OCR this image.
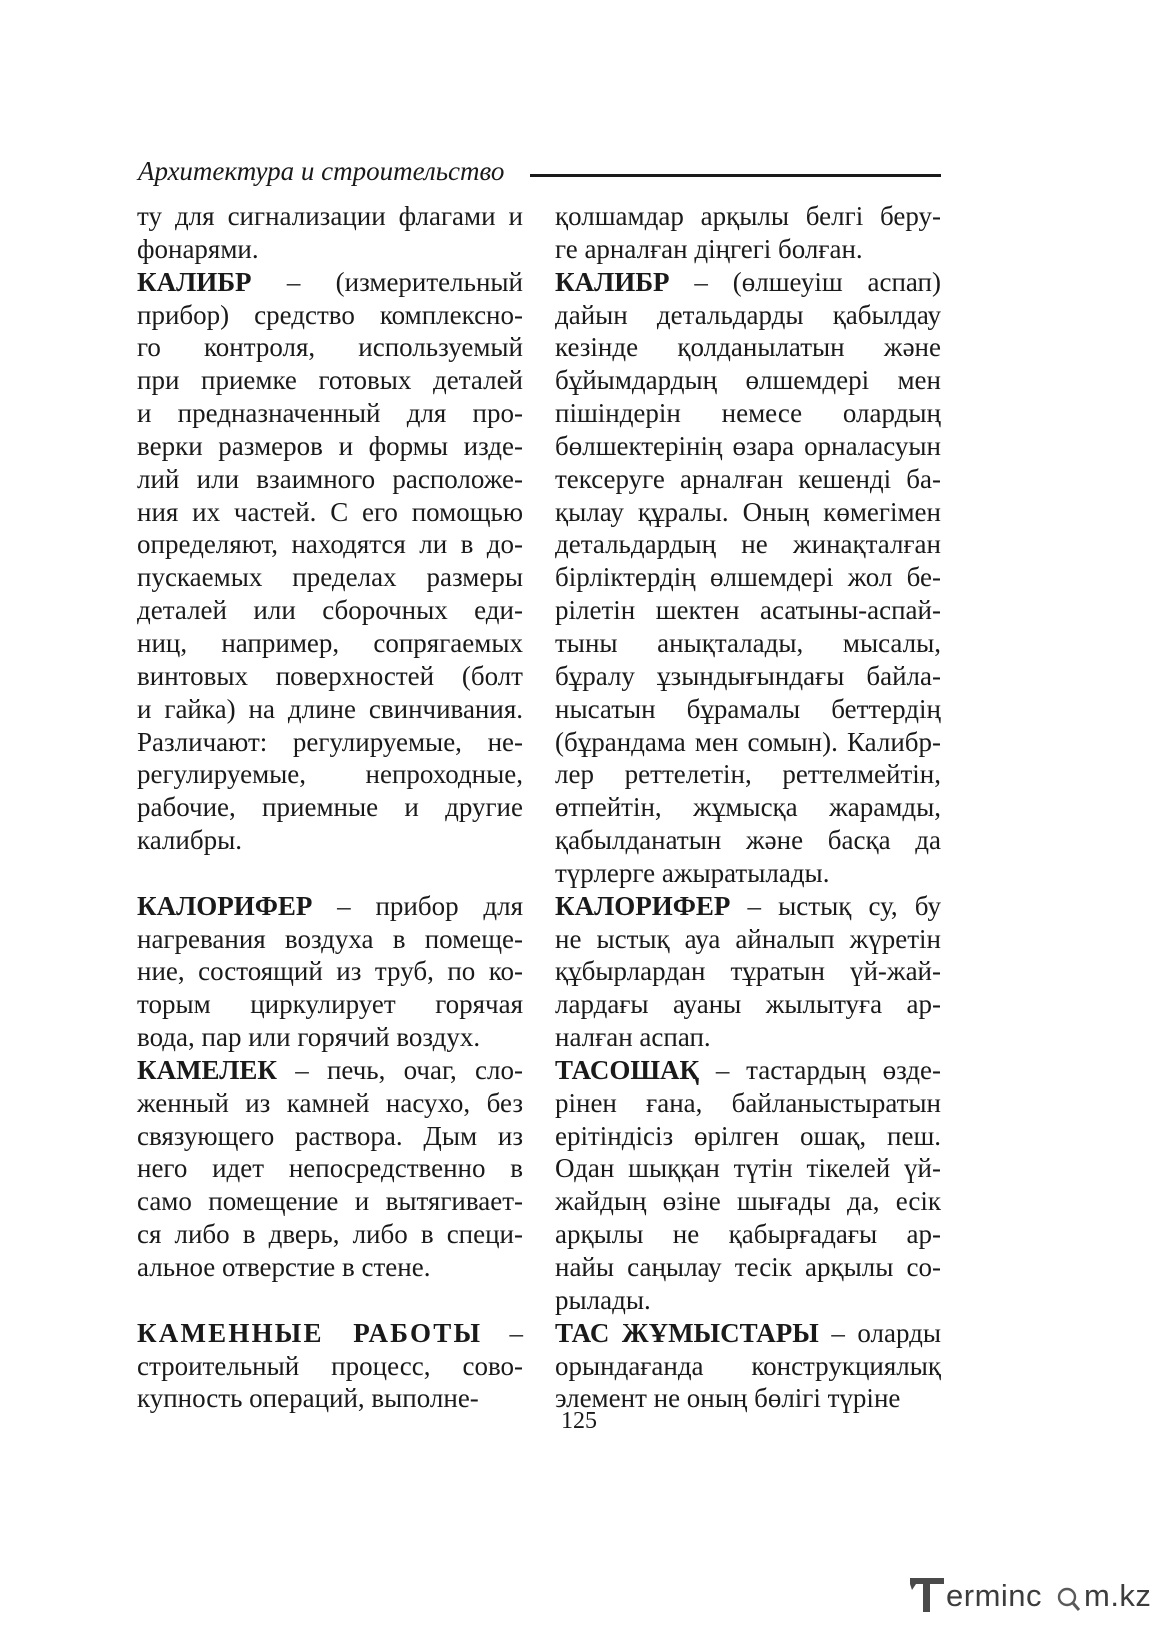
Архитектура и строительство
ту для сигнализации флагами и
фонарями.
КАЛИБР – (измерительный
прибор) средство комплексно-
го контроля, используемый
при приемке готовых деталей
и предназначенный для про-
верки размеров и формы изде-
лий или взаимного расположе-
ния их частей. С его помощью
определяют, находятся ли в до-
пускаемых пределах размеры
деталей или сборочных еди-
ниц, например, сопрягаемых
винтовых поверхностей (болт
и гайка) на длине свинчивания.
Различают: регулируемые, не-
регулируемые, непроходные,
рабочие, приемные и другие
калибры.
КАЛОРИФЕР – прибор для
нагревания воздуха в помеще-
ние, состоящий из труб, по ко-
торым циркулирует горячая
вода, пар или горячий воздух.
КАМЕЛЕК – печь, очаг, сло-
женный из камней насухо, без
связующего раствора. Дым из
него идет непосредственно в
само помещение и вытягивает-
ся либо в дверь, либо в специ-
альное отверстие в стене.
КАМЕННЫЕ РАБОТЫ –
строительный процесс, сово-
купность операций, выполне-
қолшамдар арқылы белгі беру-
ге арналған діңгегі болған.
КАЛИБР – (өлшеуіш аспап)
дайын детальдарды қабылдау
кезінде қолданылатын және
бұйымдардың өлшемдері мен
пішіндерін немесе олардың
бөлшектерінің өзара орналасуын
тексеруге арналған кешенді ба-
қылау құралы. Оның көмегімен
детальдардың не жинақталған
бірліктердің өлшемдері жол бе-
рілетін шектен асатыны-аспай-
тыны анықталады, мысалы,
бұралу ұзындығындағы байла-
нысатын бұрамалы беттердің
(бұрандама мен сомын). Калибр-
лер реттелетін, реттелмейтін,
өтпейтін, жұмысқа жарамды,
қабылданатын және басқа да
түрлерге ажыратылады.
КАЛОРИФЕР – ыстық су, бу
не ыстық ауа айналып жүретін
құбырлардан тұратын үй-жай-
лардағы ауаны жылытуға ар-
налған аспап.
ТАСОШАҚ – тастардың өзде-
рінен ғана, байланыстыратын
ерітіндісіз өрілген ошақ, пеш.
Одан шыққан түтін тікелей үй-
жайдың өзіне шығады да, есік
арқылы не қабырғадағы ар-
найы саңылау тесік арқылы со-
рылады.
ТАС ЖҰМЫСТАРЫ – оларды
орындағанда конструкциялық
элемент не оның бөлігі түріне
125
erminc m.kz
